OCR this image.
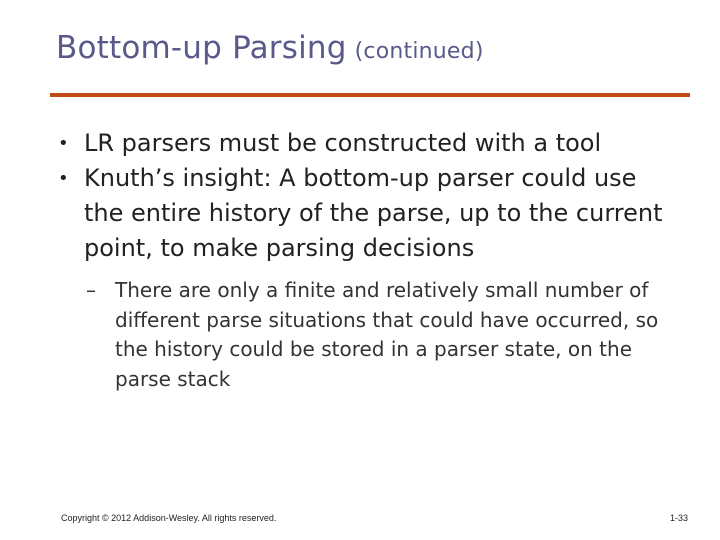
Bottom-up Parsing (continued)
• LR parsers must be constructed with a tool
• Knuth’s insight: A bottom-up parser could use the entire history of the parse, up to the current point, to make parsing decisions
– There are only a finite and relatively small number of different parse situations that could have occurred, so the history could be stored in a parser state, on the parse stack
Copyright © 2012 Addison-Wesley. All rights reserved.	1-33
